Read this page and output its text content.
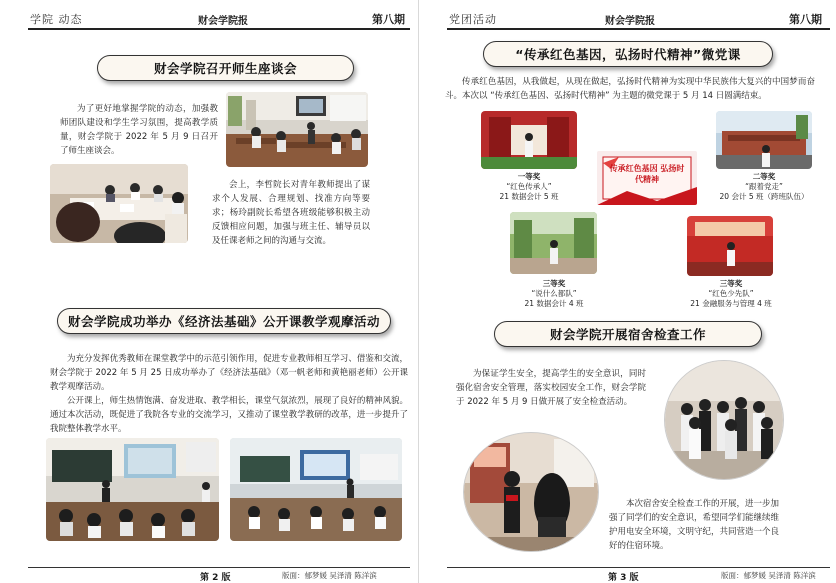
学院 动态	财会学院报	第八期
财会学院召开师生座谈会
为了更好地掌握学院的动态，加强教师团队建设和学生学习氛围，提高教学质量，财会学院于 2022 年 5 月 9 日召开了师生座谈会。
会上，李哲院长对青年教师提出了谋求个人发展、合理规划、找准方向等要求；杨玲副院长希望各班级能够积极主动反馈相应问题，加强与班主任、辅导员以及任课老师之间的沟通与交流。
财会学院成功举办《经济法基础》公开课教学观摩活动
为充分发挥优秀教师在课堂教学中的示范引领作用，促进专业教师相互学习、借鉴和交流，财会学院于 2022 年 5 月 25 日成功举办了《经济法基础》（邓一帆老师和黄艳丽老师）公开课教学观摩活动。
公开课上，师生热情饱满、奋发进取、教学相长，课堂气氛浓烈，展现了良好的精神风貌。通过本次活动，既促进了我院各专业的交流学习，又推动了课堂教学教研的改革，进一步提升了我院整体教学水平。
第 2 版	版面：郁梦媛 吴泽清 陈洋滨
党团活动	财会学院报	第八期
“传承红色基因，弘扬时代精神”微党课
传承红色基因，从我做起，从现在做起，弘扬时代精神为实现中华民族伟大复兴的中国梦而奋斗。本次以 “传承红色基因、弘扬时代精神” 为主题的微党课于 5 月 14 日圆满结束。
一等奖
“红色传承人”
21 数据会计 5 班
传承红色基因 弘扬时代精神	二等奖
“跟着党走”
20 会计 5 班（跨班队伍）
三等奖
“说什么都队”
21 数据会计 4 班
三等奖
“红色少先队”
21 金融服务与管理 4 班
财会学院开展宿舍检查工作
为保证学生安全，提高学生的安全意识，同时强化宿舍安全管理，落实校园安全工作，财会学院于 2022 年 5 月 9 日做开展了安全检查活动。
本次宿舍安全检查工作的开展，进一步加强了同学们的安全意识，希望同学们能继续维护用电安全环境，文明守纪，共同营造一个良好的住宿环境。
第 3 版	版面：郁梦媛 吴泽清 陈洋滨
